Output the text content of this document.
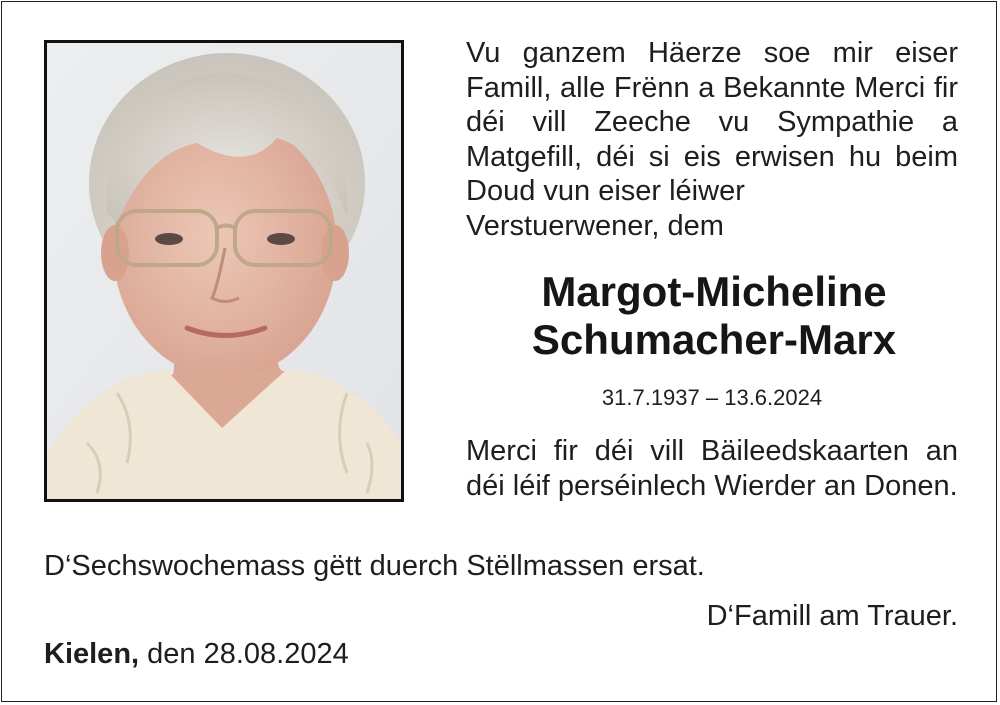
Vu ganzem Häerze soe mir eiser Famill, alle Frënn a Bekannte Merci fir déi vill Zeeche vu Sympathie a Matgefill, déi si eis erwisen hu beim Doud vun eiser léiwer
Verstuerwener, dem

Margot-Micheline
Schumacher-Marx

31.7.1937 – 13.6.2024

Merci fir déi vill Bäileedskaarten an déi léif perséinlech Wierder an Donen.

D‘Sechswochemass gëtt duerch Stëllmassen ersat.

D‘Famill am Trauer.

Kielen, den 28.08.2024
